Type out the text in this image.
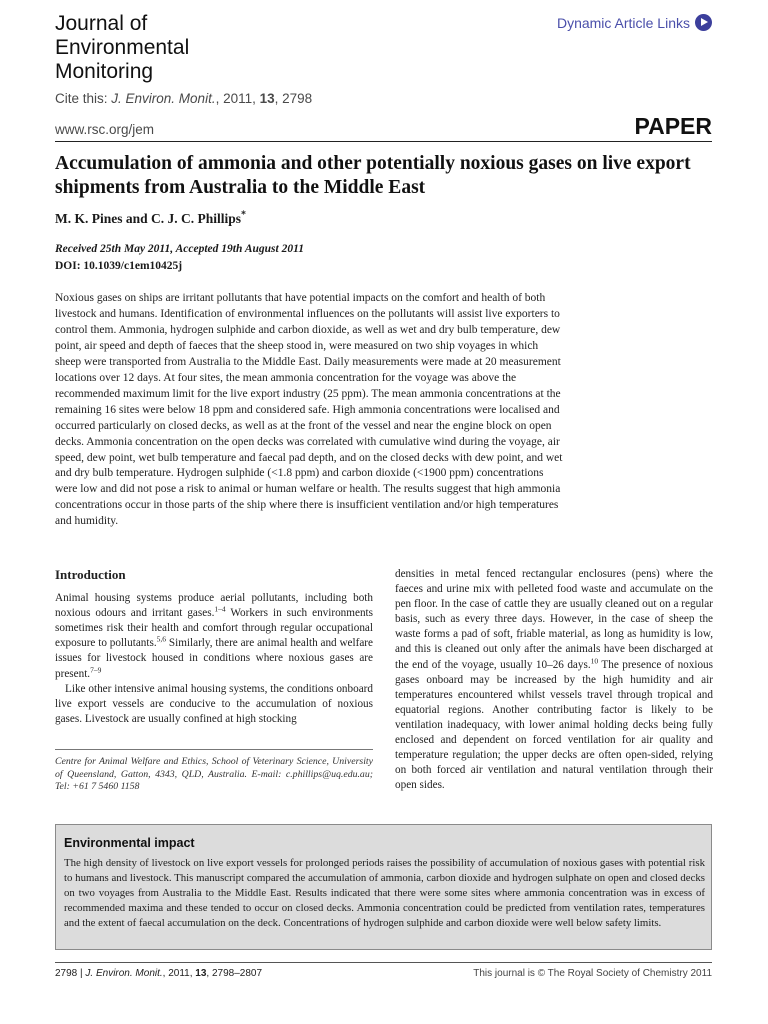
Journal of
Environmental
Monitoring
Dynamic Article Links
Cite this: J. Environ. Monit., 2011, 13, 2798
www.rsc.org/jem	PAPER
Accumulation of ammonia and other potentially noxious gases on live export shipments from Australia to the Middle East
M. K. Pines and C. J. C. Phillips*
Received 25th May 2011, Accepted 19th August 2011
DOI: 10.1039/c1em10425j

Noxious gases on ships are irritant pollutants that have potential impacts on the comfort and health of both livestock and humans. Identification of environmental influences on the pollutants will assist live exporters to control them. Ammonia, hydrogen sulphide and carbon dioxide, as well as wet and dry bulb temperature, dew point, air speed and depth of faeces that the sheep stood in, were measured on two ship voyages in which sheep were transported from Australia to the Middle East. Daily measurements were made at 20 measurement locations over 12 days. At four sites, the mean ammonia concentration for the voyage was above the recommended maximum limit for the live export industry (25 ppm). The mean ammonia concentrations at the remaining 16 sites were below 18 ppm and considered safe. High ammonia concentrations were localised and occurred particularly on closed decks, as well as at the front of the vessel and near the engine block on open decks. Ammonia concentration on the open decks was correlated with cumulative wind during the voyage, air speed, dew point, wet bulb temperature and faecal pad depth, and on the closed decks with dew point, and wet and dry bulb temperature. Hydrogen sulphide (<1.8 ppm) and carbon dioxide (<1900 ppm) concentrations were low and did not pose a risk to animal or human welfare or health. The results suggest that high ammonia concentrations occur in those parts of the ship where there is insufficient ventilation and/or high temperatures and humidity.

Introduction

Animal housing systems produce aerial pollutants, including both noxious odours and irritant gases.$^{1-4}$ Workers in such environments sometimes risk their health and comfort through regular occupational exposure to pollutants.$^{5,6}$ Similarly, there are animal health and welfare issues for livestock housed in conditions where noxious gases are present.$^{7-9}$

Like other intensive animal housing systems, the conditions onboard live export vessels are conducive to the accumulation of noxious gases. Livestock are usually confined at high stocking

Centre for Animal Welfare and Ethics, School of Veterinary Science, University of Queensland, Gatton, 4343, QLD, Australia. E-mail: c.phillips@uq.edu.au; Tel: +61 7 5460 1158

densities in metal fenced rectangular enclosures (pens) where the faeces and urine mix with pelleted food waste and accumulate on the pen floor. In the case of cattle they are usually cleaned out on a regular basis, such as every three days. However, in the case of sheep the waste forms a pad of soft, friable material, as long as humidity is low, and this is cleaned out only after the animals have been discharged at the end of the voyage, usually 10–26 days.$^{10}$ The presence of noxious gases onboard may be increased by the high humidity and air temperatures encountered whilst vessels travel through tropical and equatorial regions. Another contributing factor is likely to be ventilation inadequacy, with lower animal holding decks being fully enclosed and dependent on forced ventilation for air quality and temperature regulation; the upper decks are often open-sided, relying on both forced air ventilation and natural ventilation through their open sides.

Environmental impact

The high density of livestock on live export vessels for prolonged periods raises the possibility of accumulation of noxious gases with potential risk to humans and livestock. This manuscript compared the accumulation of ammonia, carbon dioxide and hydrogen sulphate on open and closed decks on two voyages from Australia to the Middle East. Results indicated that there were some sites where ammonia concentration was in excess of recommended maxima and these tended to occur on closed decks. Ammonia concentration could be predicted from ventilation rates, temperatures and the extent of faecal accumulation on the deck. Concentrations of hydrogen sulphide and carbon dioxide were well below safety limits.

2798 | J. Environ. Monit., 2011, 13, 2798–2807	This journal is © The Royal Society of Chemistry 2011
